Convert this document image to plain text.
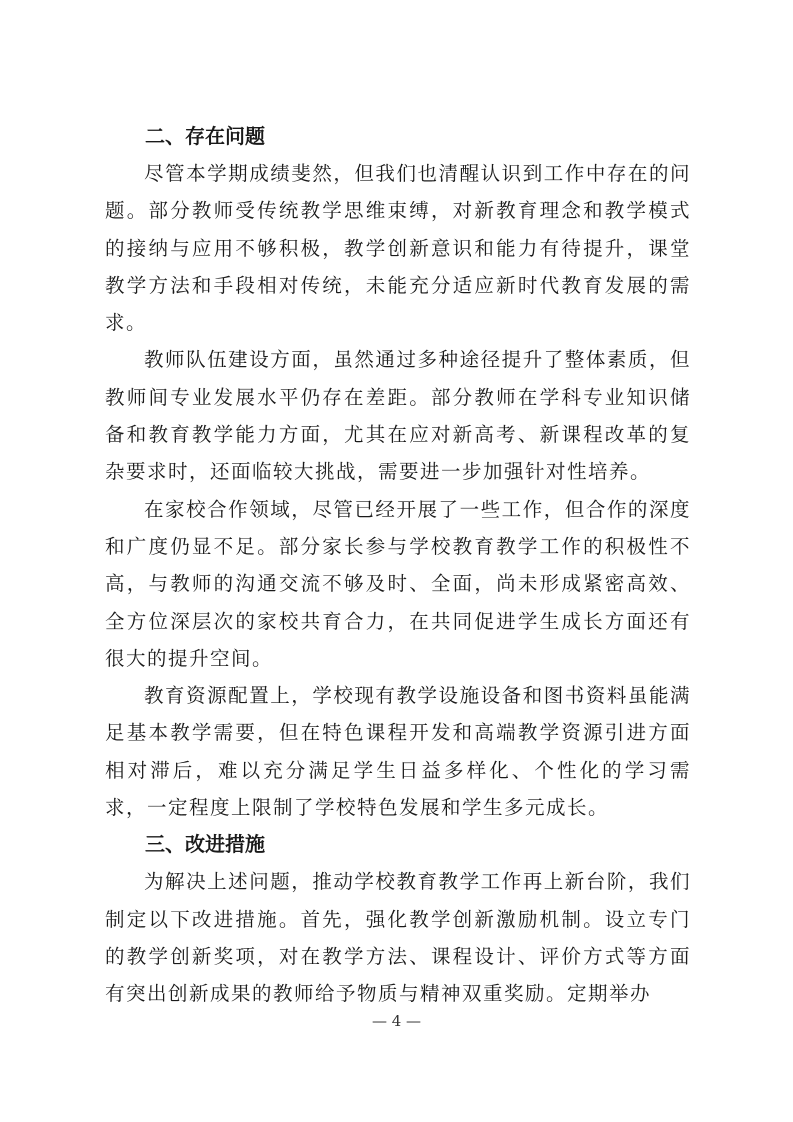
二、存在问题

尽管本学期成绩斐然，但我们也清醒认识到工作中存在的问题。部分教师受传统教学思维束缚，对新教育理念和教学模式的接纳与应用不够积极，教学创新意识和能力有待提升，课堂教学方法和手段相对传统，未能充分适应新时代教育发展的需求。

教师队伍建设方面，虽然通过多种途径提升了整体素质，但教师间专业发展水平仍存在差距。部分教师在学科专业知识储备和教育教学能力方面，尤其在应对新高考、新课程改革的复杂要求时，还面临较大挑战，需要进一步加强针对性培养。

在家校合作领域，尽管已经开展了一些工作，但合作的深度和广度仍显不足。部分家长参与学校教育教学工作的积极性不高，与教师的沟通交流不够及时、全面，尚未形成紧密高效、全方位深层次的家校共育合力，在共同促进学生成长方面还有很大的提升空间。

教育资源配置上，学校现有教学设施设备和图书资料虽能满足基本教学需要，但在特色课程开发和高端教学资源引进方面相对滞后，难以充分满足学生日益多样化、个性化的学习需求，一定程度上限制了学校特色发展和学生多元成长。

三、改进措施

为解决上述问题，推动学校教育教学工作再上新台阶，我们制定以下改进措施。首先，强化教学创新激励机制。设立专门的教学创新奖项，对在教学方法、课程设计、评价方式等方面有突出创新成果的教师给予物质与精神双重奖励。定期举办

— 4 —
